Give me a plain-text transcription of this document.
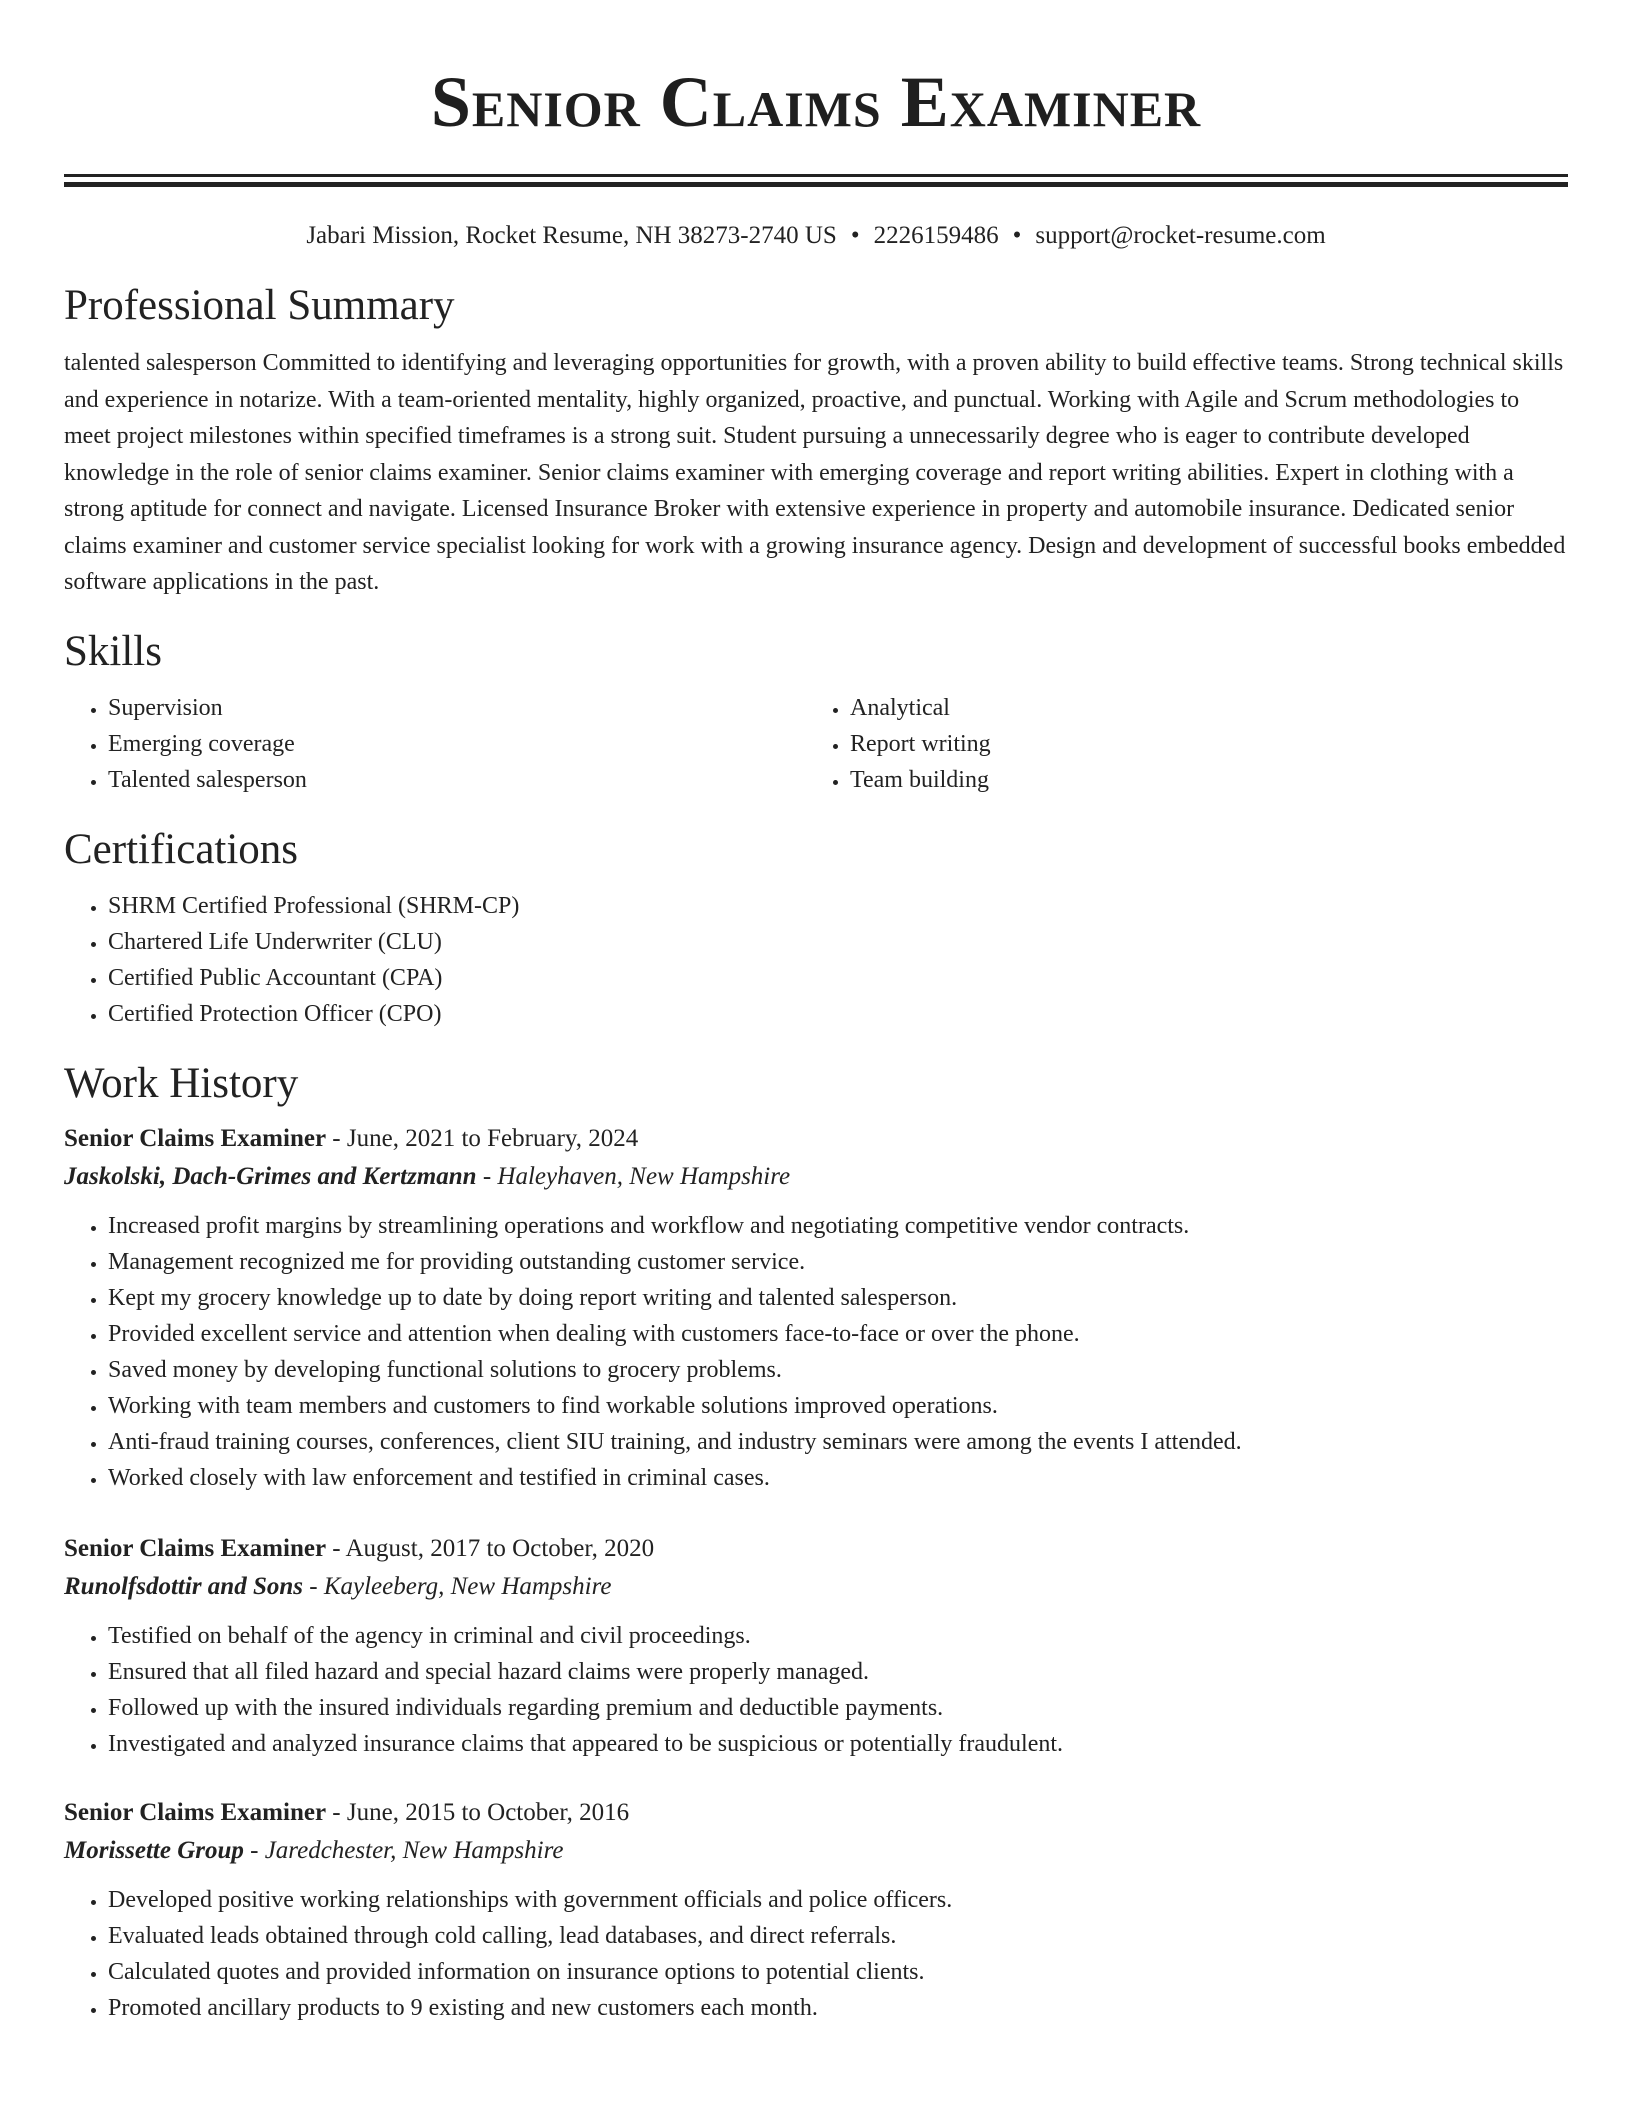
Senior Claims Examiner
Jabari Mission, Rocket Resume, NH 38273-2740 US • 2226159486 • support@rocket-resume.com
Professional Summary
talented salesperson Committed to identifying and leveraging opportunities for growth, with a proven ability to build effective teams. Strong technical skills and experience in notarize. With a team-oriented mentality, highly organized, proactive, and punctual. Working with Agile and Scrum methodologies to meet project milestones within specified timeframes is a strong suit. Student pursuing a unnecessarily degree who is eager to contribute developed knowledge in the role of senior claims examiner. Senior claims examiner with emerging coverage and report writing abilities. Expert in clothing with a strong aptitude for connect and navigate. Licensed Insurance Broker with extensive experience in property and automobile insurance. Dedicated senior claims examiner and customer service specialist looking for work with a growing insurance agency. Design and development of successful books embedded software applications in the past.
Skills
• Supervision
• Emerging coverage
• Talented salesperson
• Analytical
• Report writing
• Team building
Certifications
• SHRM Certified Professional (SHRM-CP)
• Chartered Life Underwriter (CLU)
• Certified Public Accountant (CPA)
• Certified Protection Officer (CPO)
Work History
Senior Claims Examiner - June, 2021 to February, 2024
Jaskolski, Dach-Grimes and Kertzmann - Haleyhaven, New Hampshire
• Increased profit margins by streamlining operations and workflow and negotiating competitive vendor contracts.
• Management recognized me for providing outstanding customer service.
• Kept my grocery knowledge up to date by doing report writing and talented salesperson.
• Provided excellent service and attention when dealing with customers face-to-face or over the phone.
• Saved money by developing functional solutions to grocery problems.
• Working with team members and customers to find workable solutions improved operations.
• Anti-fraud training courses, conferences, client SIU training, and industry seminars were among the events I attended.
• Worked closely with law enforcement and testified in criminal cases.
Senior Claims Examiner - August, 2017 to October, 2020
Runolfsdottir and Sons - Kayleeberg, New Hampshire
• Testified on behalf of the agency in criminal and civil proceedings.
• Ensured that all filed hazard and special hazard claims were properly managed.
• Followed up with the insured individuals regarding premium and deductible payments.
• Investigated and analyzed insurance claims that appeared to be suspicious or potentially fraudulent.
Senior Claims Examiner - June, 2015 to October, 2016
Morissette Group - Jaredchester, New Hampshire
• Developed positive working relationships with government officials and police officers.
• Evaluated leads obtained through cold calling, lead databases, and direct referrals.
• Calculated quotes and provided information on insurance options to potential clients.
• Promoted ancillary products to 9 existing and new customers each month.
